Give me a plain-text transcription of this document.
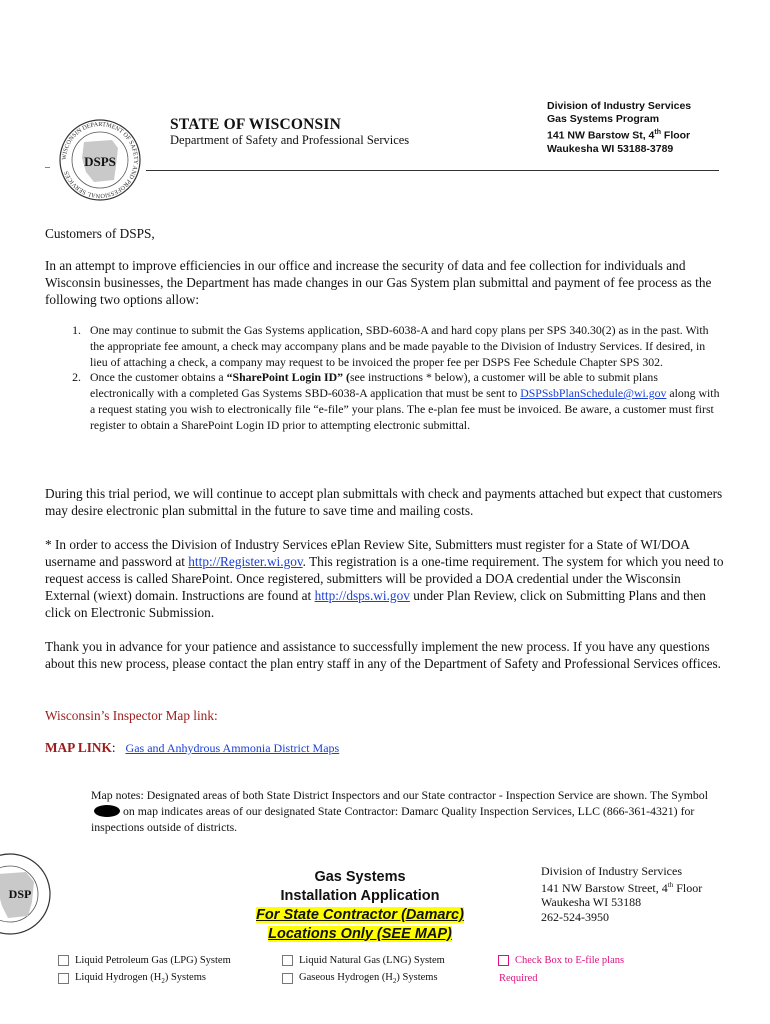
WISCONSIN DEPARTMENT OF SAFETY AND PROFESSIONAL SERVICES
DSPS
STATE OF WISCONSIN
Department of Safety and Professional Services
Division of Industry Services
Gas Systems Program
141 NW Barstow St, 4th Floor
Waukesha WI 53188-3789
–
Customers of DSPS,
In an attempt to improve efficiencies in our office and increase the security of data and fee collection for individuals and Wisconsin businesses, the Department has made changes in our Gas System plan submittal and payment of fee process as the following two options allow:
1. One may continue to submit the Gas Systems application, SBD-6038-A and hard copy plans per SPS 340.30(2) as in the past. With the appropriate fee amount, a check may accompany plans and be made payable to the Division of Industry Services. If desired, in lieu of attaching a check, a company may request to be invoiced the proper fee per DSPS Fee Schedule Chapter SPS 302.
2. Once the customer obtains a “SharePoint Login ID” (see instructions * below), a customer will be able to submit plans electronically with a completed Gas Systems SBD-6038-A application that must be sent to DSPSsbPlanSchedule@wi.gov along with a request stating you wish to electronically file “e-file” your plans. The e-plan fee must be invoiced. Be aware, a customer must first register to obtain a SharePoint Login ID prior to attempting electronic submittal.
During this trial period, we will continue to accept plan submittals with check and payments attached but expect that customers may desire electronic plan submittal in the future to save time and mailing costs.
* In order to access the Division of Industry Services ePlan Review Site, Submitters must register for a State of WI/DOA username and password at http://Register.wi.gov. This registration is a one-time requirement. The system for which you need to request access is called SharePoint. Once registered, submitters will be provided a DOA credential under the Wisconsin External (wiext) domain. Instructions are found at http://dsps.wi.gov under Plan Review, click on Submitting Plans and then click on Electronic Submission.
Thank you in advance for your patience and assistance to successfully implement the new process. If you have any questions about this new process, please contact the plan entry staff in any of the Department of Safety and Professional Services offices.
Wisconsin’s Inspector Map link:
MAP LINK: Gas and Anhydrous Ammonia District Maps
Map notes: Designated areas of both State District Inspectors and our State contractor - Inspection Service are shown. The Symbol on map indicates areas of our designated State Contractor: Damarc Quality Inspection Services, LLC (866-361-4321) for inspections outside of districts.
DSP
Gas Systems
Installation Application
For State Contractor (Damarc)
Locations Only (SEE MAP)
Division of Industry Services
141 NW Barstow Street, 4th Floor
Waukesha WI 53188
262-524-3950
Liquid Petroleum Gas (LPG) System	Liquid Natural Gas (LNG) System	Check Box to E-file plans
Liquid Hydrogen $(H_2)$ Systems	Gaseous Hydrogen $(H_2)$ Systems	Required
